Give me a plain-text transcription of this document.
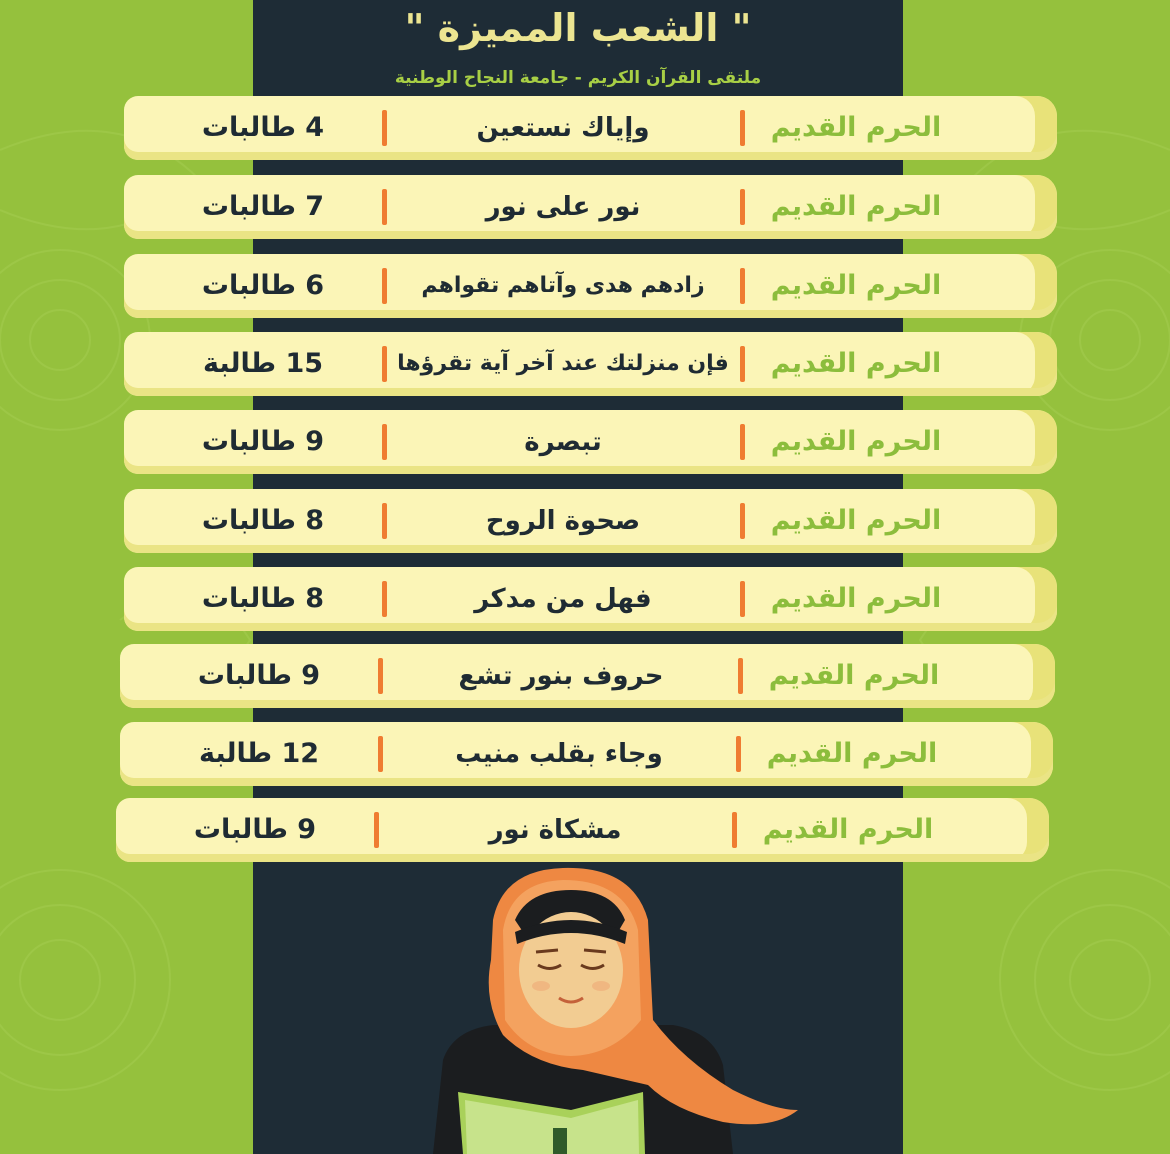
" الشعب المميزة "
ملتقى القرآن الكريم - جامعة النجاح الوطنية
الحرم القديم
وإياك نستعين
4 طالبات
الحرم القديم
نور على نور
7 طالبات
الحرم القديم
زادهم هدى وآتاهم تقواهم
6 طالبات
الحرم القديم
فإن منزلتك عند آخر آية تقرؤها
15 طالبة
الحرم القديم
تبصرة
9 طالبات
الحرم القديم
صحوة الروح
8 طالبات
الحرم القديم
فهل من مدكر
8 طالبات
الحرم القديم
حروف بنور تشع
9 طالبات
الحرم القديم
وجاء بقلب منيب
12 طالبة
الحرم القديم
مشكاة نور
9 طالبات
